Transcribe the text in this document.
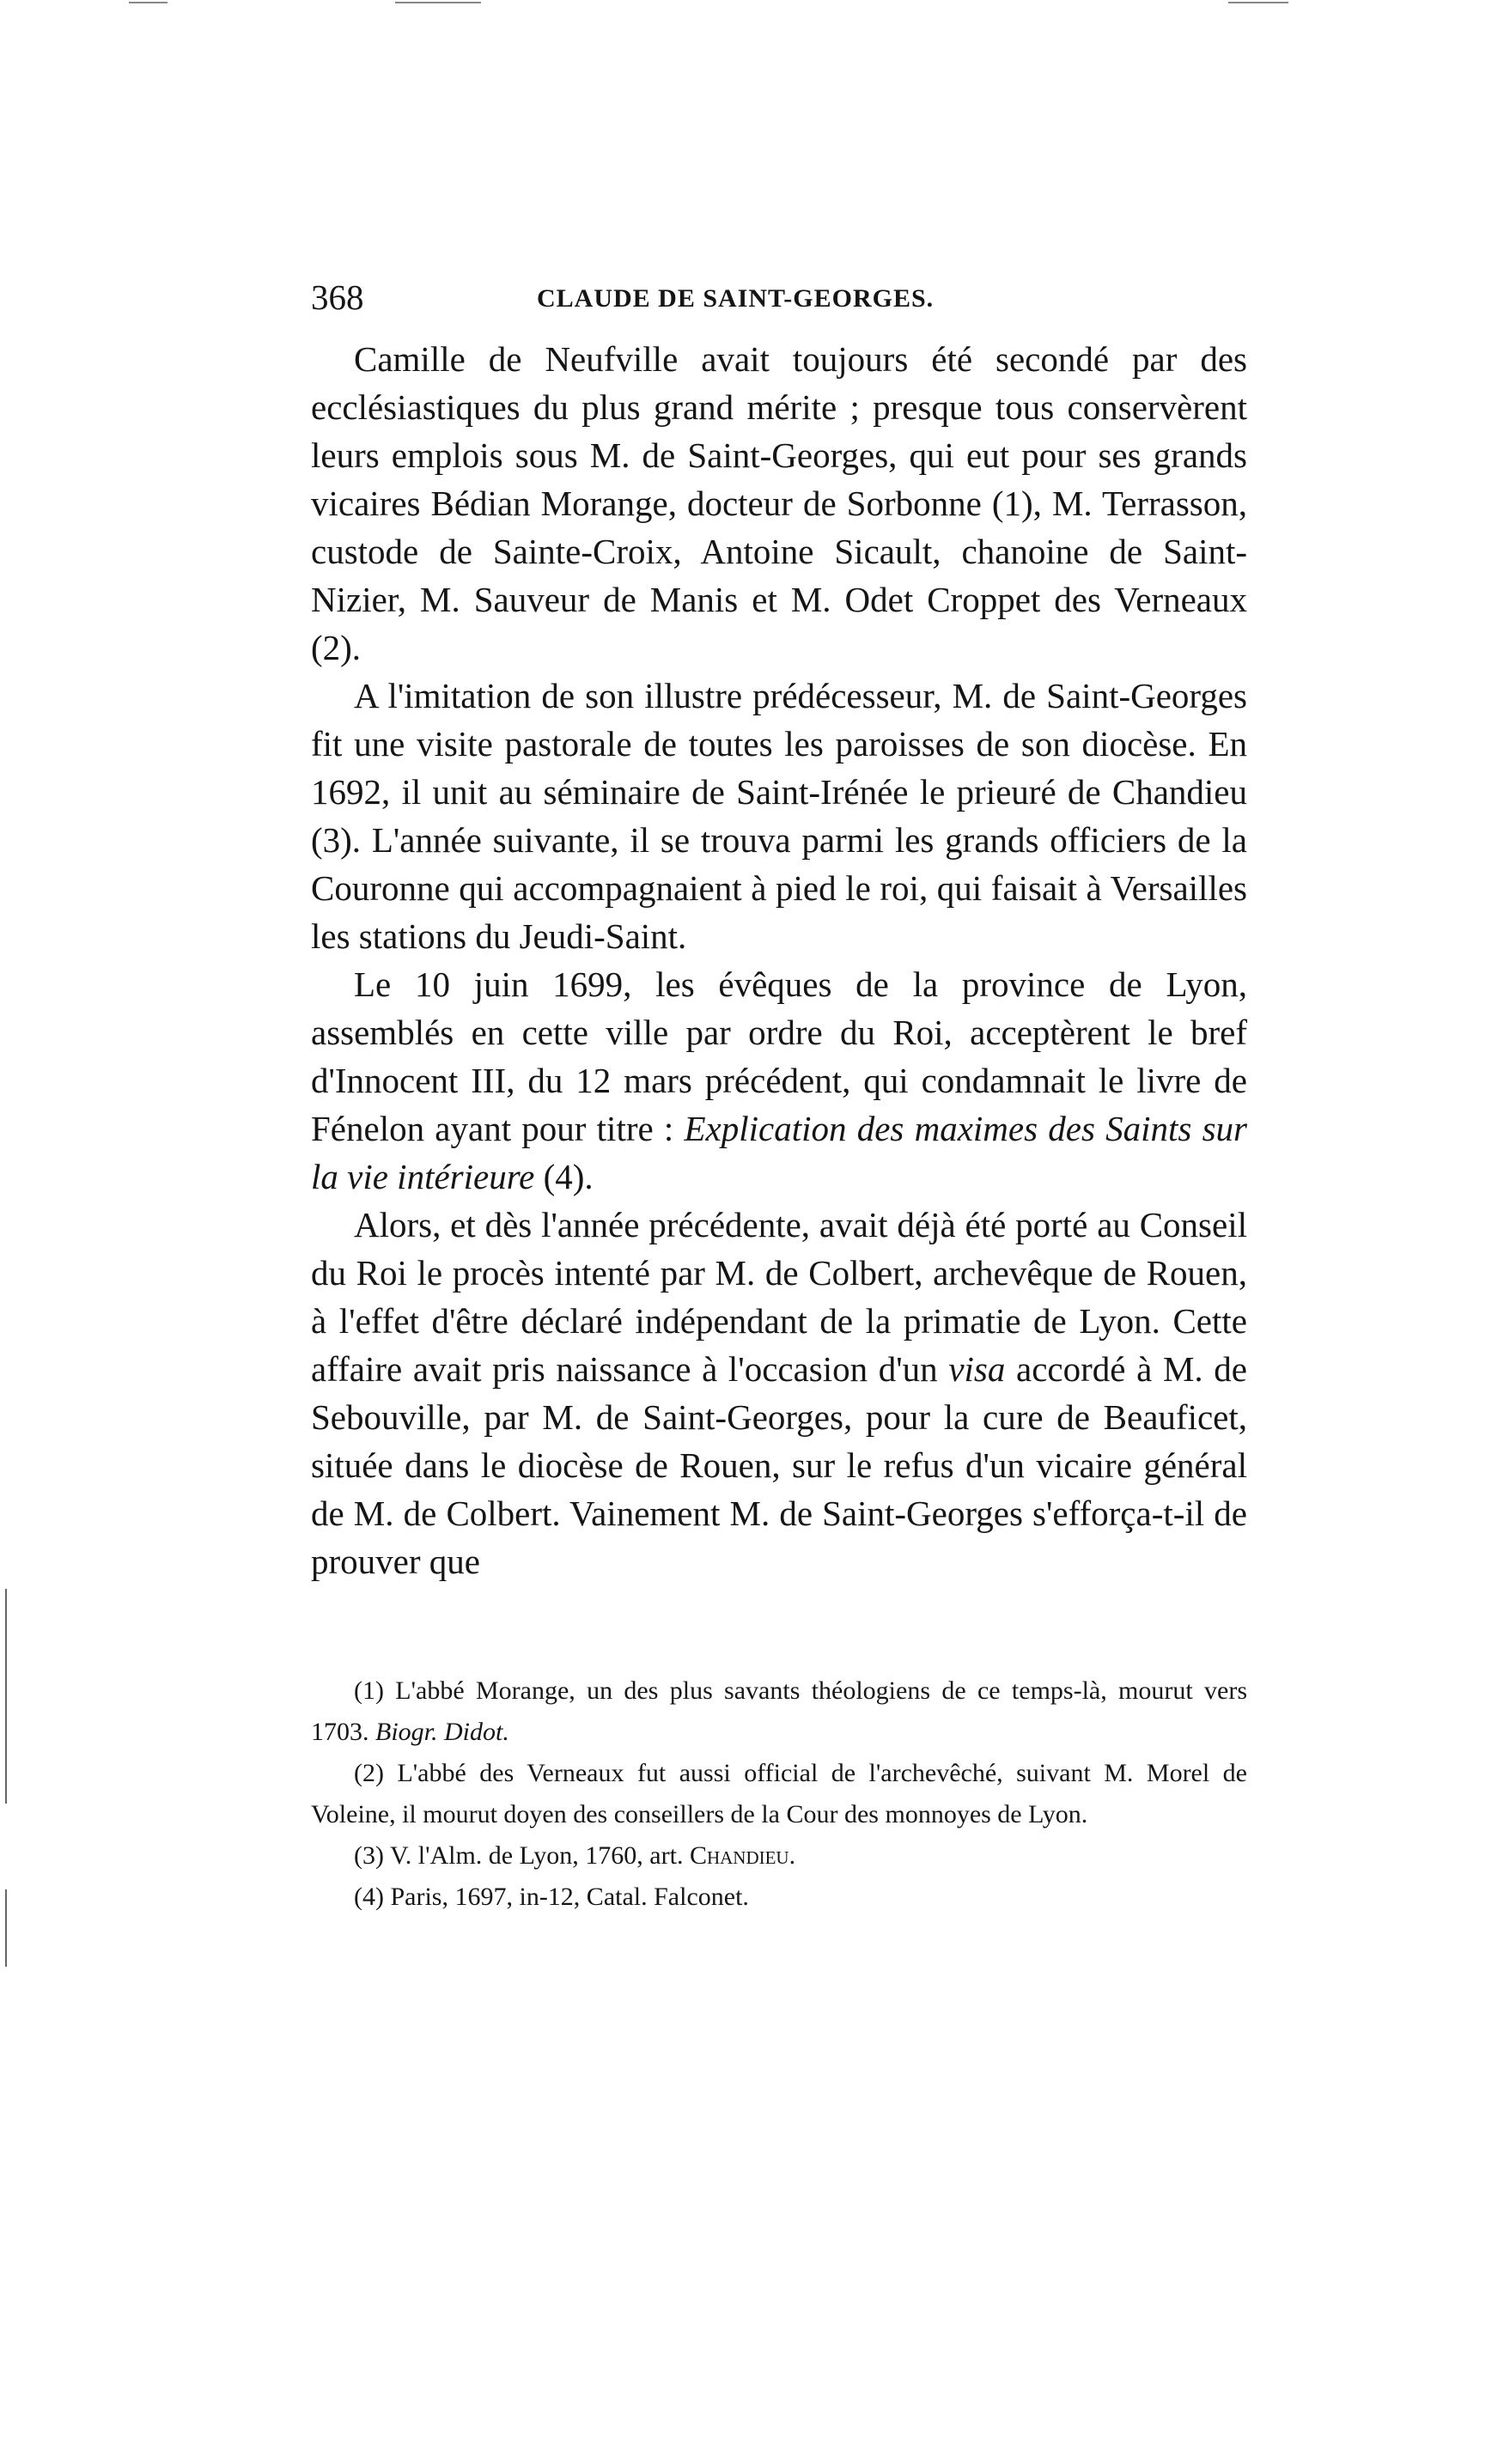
368	CLAUDE DE SAINT-GEORGES.

Camille de Neufville avait toujours été secondé par des ecclésiastiques du plus grand mérite ; presque tous conservèrent leurs emplois sous M. de Saint-Georges, qui eut pour ses grands vicaires Bédian Morange, docteur de Sorbonne (1), M. Terrasson, custode de Sainte-Croix, Antoine Sicault, chanoine de Saint-Nizier, M. Sauveur de Manis et M. Odet Croppet des Verneaux (2).

A l'imitation de son illustre prédécesseur, M. de Saint-Georges fit une visite pastorale de toutes les paroisses de son diocèse. En 1692, il unit au séminaire de Saint-Irénée le prieuré de Chandieu (3). L'année suivante, il se trouva parmi les grands officiers de la Couronne qui accompagnaient à pied le roi, qui faisait à Versailles les stations du Jeudi-Saint.

Le 10 juin 1699, les évêques de la province de Lyon, assemblés en cette ville par ordre du Roi, acceptèrent le bref d'Innocent III, du 12 mars précédent, qui condamnait le livre de Fénelon ayant pour titre : Explication des maximes des Saints sur la vie intérieure (4).

Alors, et dès l'année précédente, avait déjà été porté au Conseil du Roi le procès intenté par M. de Colbert, archevêque de Rouen, à l'effet d'être déclaré indépendant de la primatie de Lyon. Cette affaire avait pris naissance à l'occasion d'un visa accordé à M. de Sebouville, par M. de Saint-Georges, pour la cure de Beauficet, située dans le diocèse de Rouen, sur le refus d'un vicaire général de M. de Colbert. Vainement M. de Saint-Georges s'efforça-t-il de prouver que

(1) L'abbé Morange, un des plus savants théologiens de ce temps-là, mourut vers 1703. Biogr. Didot.

(2) L'abbé des Verneaux fut aussi official de l'archevêché, suivant M. Morel de Voleine, il mourut doyen des conseillers de la Cour des monnoyes de Lyon.

(3) V. l'Alm. de Lyon, 1760, art. Chandieu.

(4) Paris, 1697, in-12, Catal. Falconet.
